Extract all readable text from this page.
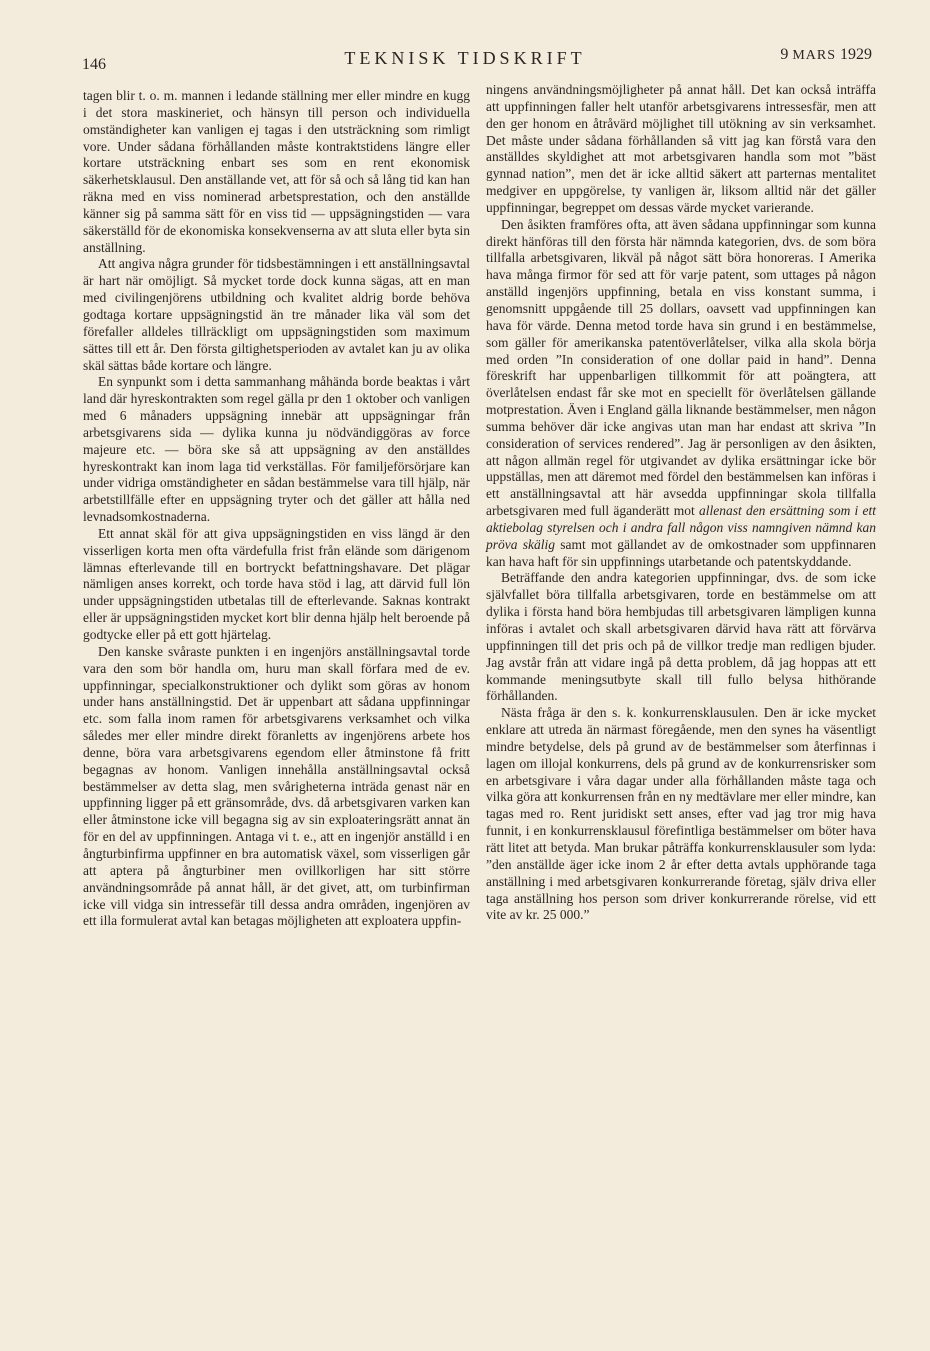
146	TEKNISK TIDSKRIFT	9 MARS 1929

tagen blir t. o. m. mannen i ledande ställning mer eller mindre en kugg i det stora maskineriet, och hänsyn till person och individuella omständigheter kan vanligen ej tagas i den utsträckning som rimligt vore. Under sådana förhållanden måste kontraktstidens längre eller kortare utsträckning enbart ses som en rent ekonomisk säkerhetsklausul. Den anställande vet, att för så och så lång tid kan han räkna med en viss nominerad arbetsprestation, och den anställde känner sig på samma sätt för en viss tid — uppsägningstiden — vara säkerställd för de ekonomiska konsekvenserna av att sluta eller byta sin anställning.

Att angiva några grunder för tidsbestämningen i ett anställningsavtal är hart när omöjligt. Så mycket torde dock kunna sägas, att en man med civilingenjörens utbildning och kvalitet aldrig borde behöva godtaga kortare uppsägningstid än tre månader lika väl som det förefaller alldeles tillräckligt om uppsägningstiden som maximum sättes till ett år. Den första giltighetsperioden av avtalet kan ju av olika skäl sättas både kortare och längre.

En synpunkt som i detta sammanhang måhända borde beaktas i vårt land där hyreskontrakten som regel gälla pr den 1 oktober och vanligen med 6 månaders uppsägning innebär att uppsägningar från arbetsgivarens sida — dylika kunna ju nödvändiggöras av force majeure etc. — böra ske så att uppsägning av den anställdes hyreskontrakt kan inom laga tid verkställas. För familjeförsörjare kan under vidriga omständigheter en sådan bestämmelse vara till hjälp, när arbetstillfälle efter en uppsägning tryter och det gäller att hålla ned levnadsomkostnaderna.

Ett annat skäl för att giva uppsägningstiden en viss längd är den visserligen korta men ofta värdefulla frist från elände som därigenom lämnas efterlevande till en bortryckt befattningshavare. Det plägar nämligen anses korrekt, och torde hava stöd i lag, att därvid full lön under uppsägningstiden utbetalas till de efterlevande. Saknas kontrakt eller är uppsägningstiden mycket kort blir denna hjälp helt beroende på godtycke eller på ett gott hjärtelag.

Den kanske svåraste punkten i en ingenjörs anställningsavtal torde vara den som bör handla om, huru man skall förfara med de ev. uppfinningar, specialkonstruktioner och dylikt som göras av honom under hans anställningstid. Det är uppenbart att sådana uppfinningar etc. som falla inom ramen för arbetsgivarens verksamhet och vilka således mer eller mindre direkt föranletts av ingenjörens arbete hos denne, böra vara arbetsgivarens egendom eller åtminstone få fritt begagnas av honom. Vanligen innehålla anställningsavtal också bestämmelser av detta slag, men svårigheterna inträda genast när en uppfinning ligger på ett gränsområde, dvs. då arbetsgivaren varken kan eller åtminstone icke vill begagna sig av sin exploateringsrätt annat än för en del av uppfinningen. Antaga vi t. e., att en ingenjör anställd i en ångturbinfirma uppfinner en bra automatisk växel, som visserligen går att aptera på ångturbiner men ovillkorligen har sitt större användningsområde på annat håll, är det givet, att, om turbinfirman icke vill vidga sin intressefär till dessa andra områden, ingenjören av ett illa formulerat avtal kan betagas möjligheten att exploatera uppfin-

ningens användningsmöjligheter på annat håll. Det kan också inträffa att uppfinningen faller helt utanför arbetsgivarens intressesfär, men att den ger honom en åtråvärd möjlighet till utökning av sin verksamhet. Det måste under sådana förhållanden så vitt jag kan förstå vara den anställdes skyldighet att mot arbetsgivaren handla som mot ”bäst gynnad nation”, men det är icke alltid säkert att parternas mentalitet medgiver en uppgörelse, ty vanligen är, liksom alltid när det gäller uppfinningar, begreppet om dessas värde mycket varierande.

Den åsikten framföres ofta, att även sådana uppfinningar som kunna direkt hänföras till den första här nämnda kategorien, dvs. de som böra tillfalla arbetsgivaren, likväl på något sätt böra honoreras. I Amerika hava många firmor för sed att för varje patent, som uttages på någon anställd ingenjörs uppfinning, betala en viss konstant summa, i genomsnitt uppgående till 25 dollars, oavsett vad uppfinningen kan hava för värde. Denna metod torde hava sin grund i en bestämmelse, som gäller för amerikanska patentöverlåtelser, vilka alla skola börja med orden ”In consideration of one dollar paid in hand”. Denna föreskrift har uppenbarligen tillkommit för att poängtera, att överlåtelsen endast får ske mot en speciellt för överlåtelsen gällande motprestation. Även i England gälla liknande bestämmelser, men någon summa behöver där icke angivas utan man har endast att skriva ”In consideration of services rendered”. Jag är personligen av den åsikten, att någon allmän regel för utgivandet av dylika ersättningar icke bör uppställas, men att däremot med fördel den bestämmelsen kan införas i ett anställningsavtal att här avsedda uppfinningar skola tillfalla arbetsgivaren med full äganderätt mot allenast den ersättning som i ett aktiebolag styrelsen och i andra fall någon viss namngiven nämnd kan pröva skälig samt mot gällandet av de omkostnader som uppfinnaren kan hava haft för sin uppfinnings utarbetande och patentskyddande.

Beträffande den andra kategorien uppfinningar, dvs. de som icke självfallet böra tillfalla arbetsgivaren, torde en bestämmelse om att dylika i första hand böra hembjudas till arbetsgivaren lämpligen kunna införas i avtalet och skall arbetsgivaren därvid hava rätt att förvärva uppfinningen till det pris och på de villkor tredje man redligen bjuder. Jag avstår från att vidare ingå på detta problem, då jag hoppas att ett kommande meningsutbyte skall till fullo belysa hithörande förhållanden.

Nästa fråga är den s. k. konkurrensklausulen. Den är icke mycket enklare att utreda än närmast föregående, men den synes ha väsentligt mindre betydelse, dels på grund av de bestämmelser som återfinnas i lagen om illojal konkurrens, dels på grund av de konkurrensrisker som en arbetsgivare i våra dagar under alla förhållanden måste taga och vilka göra att konkurrensen från en ny medtävlare mer eller mindre, kan tagas med ro. Rent juridiskt sett anses, efter vad jag tror mig hava funnit, i en konkurrensklausul förefintliga bestämmelser om böter hava rätt litet att betyda. Man brukar påträffa konkurrensklausuler som lyda: ”den anställde äger icke inom 2 år efter detta avtals upphörande taga anställning i med arbetsgivaren konkurrerande företag, själv driva eller taga anställning hos person som driver konkurrerande rörelse, vid ett vite av kr. 25 000.”
